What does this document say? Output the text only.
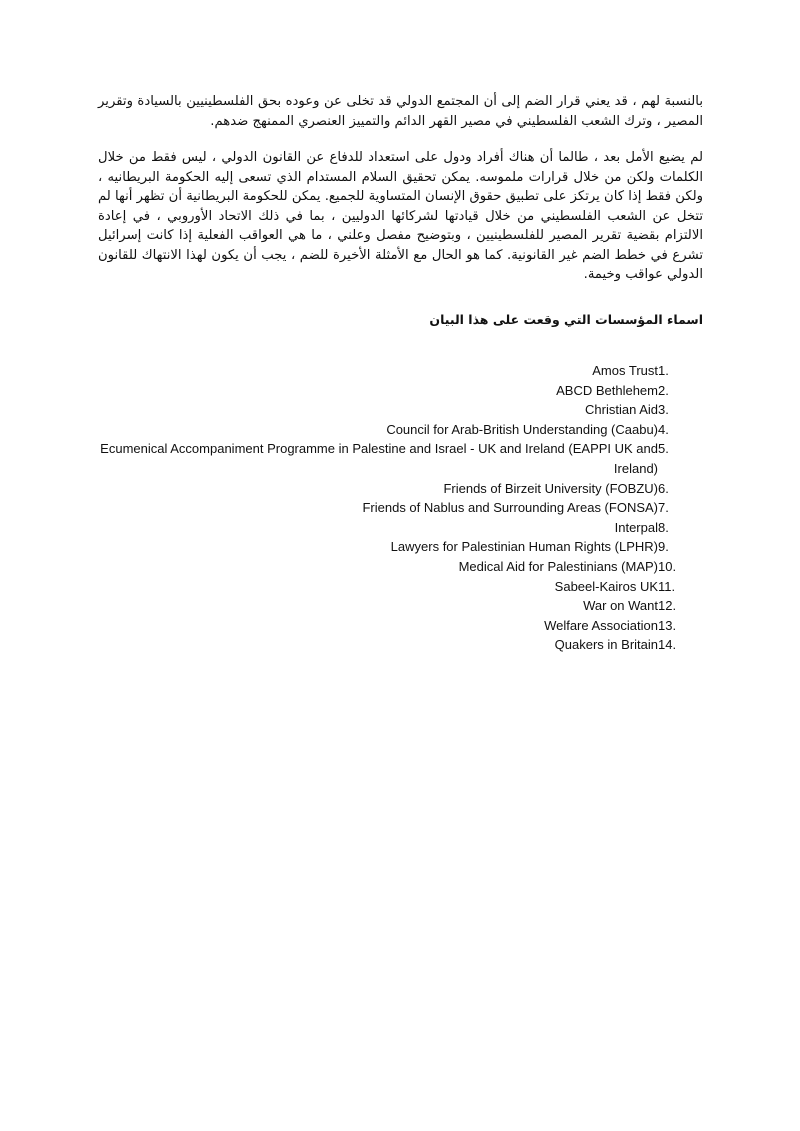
بالنسبة لهم ، قد يعني قرار الضم إلى أن المجتمع الدولي قد تخلى عن وعوده بحق الفلسطينيين بالسيادة وتقرير المصير ، وترك الشعب الفلسطيني في مصير القهر الدائم والتمييز العنصري الممنهج ضدهم.

لم يضيع الأمل بعد ، طالما أن هناك أفراد ودول على استعداد للدفاع عن القانون الدولي ، ليس فقط من خلال الكلمات ولكن من خلال قرارات ملموسه. يمكن تحقيق السلام المستدام الذي تسعى إليه الحكومة البريطانيه ، ولكن فقط إذا كان يرتكز على تطبيق حقوق الإنسان المتساوية للجميع. يمكن للحكومة البريطانية أن تظهر أنها لم تتخل عن الشعب الفلسطيني من خلال قيادتها لشركائها الدوليين ، بما في ذلك الاتحاد الأوروبي ، في إعادة الالتزام بقضية تقرير المصير للفلسطينيين ، وبتوضيح مفصل وعلني ، ما هي العواقب الفعلية إذا كانت إسرائيل تشرع في خطط الضم غير القانونية. كما هو الحال مع الأمثلة الأخيرة للضم ، يجب أن يكون لهذا الانتهاك للقانون الدولي عواقب وخيمة.

اسماء المؤسسات التي وقعت على هذا البيان

1.
Amos Trust
2.
ABCD Bethlehem
3.
Christian Aid
4.
Council for Arab-British Understanding (Caabu)
5.
Ecumenical Accompaniment Programme in Palestine and Israel - UK and Ireland (EAPPI UK and Ireland)
6.
Friends of Birzeit University (FOBZU)
7.
Friends of Nablus and Surrounding Areas (FONSA)
8.
Interpal
9.
Lawyers for Palestinian Human Rights (LPHR)
10.
Medical Aid for Palestinians (MAP)
11.
Sabeel-Kairos UK
12.
War on Want
13.
Welfare Association
14.
Quakers in Britain
